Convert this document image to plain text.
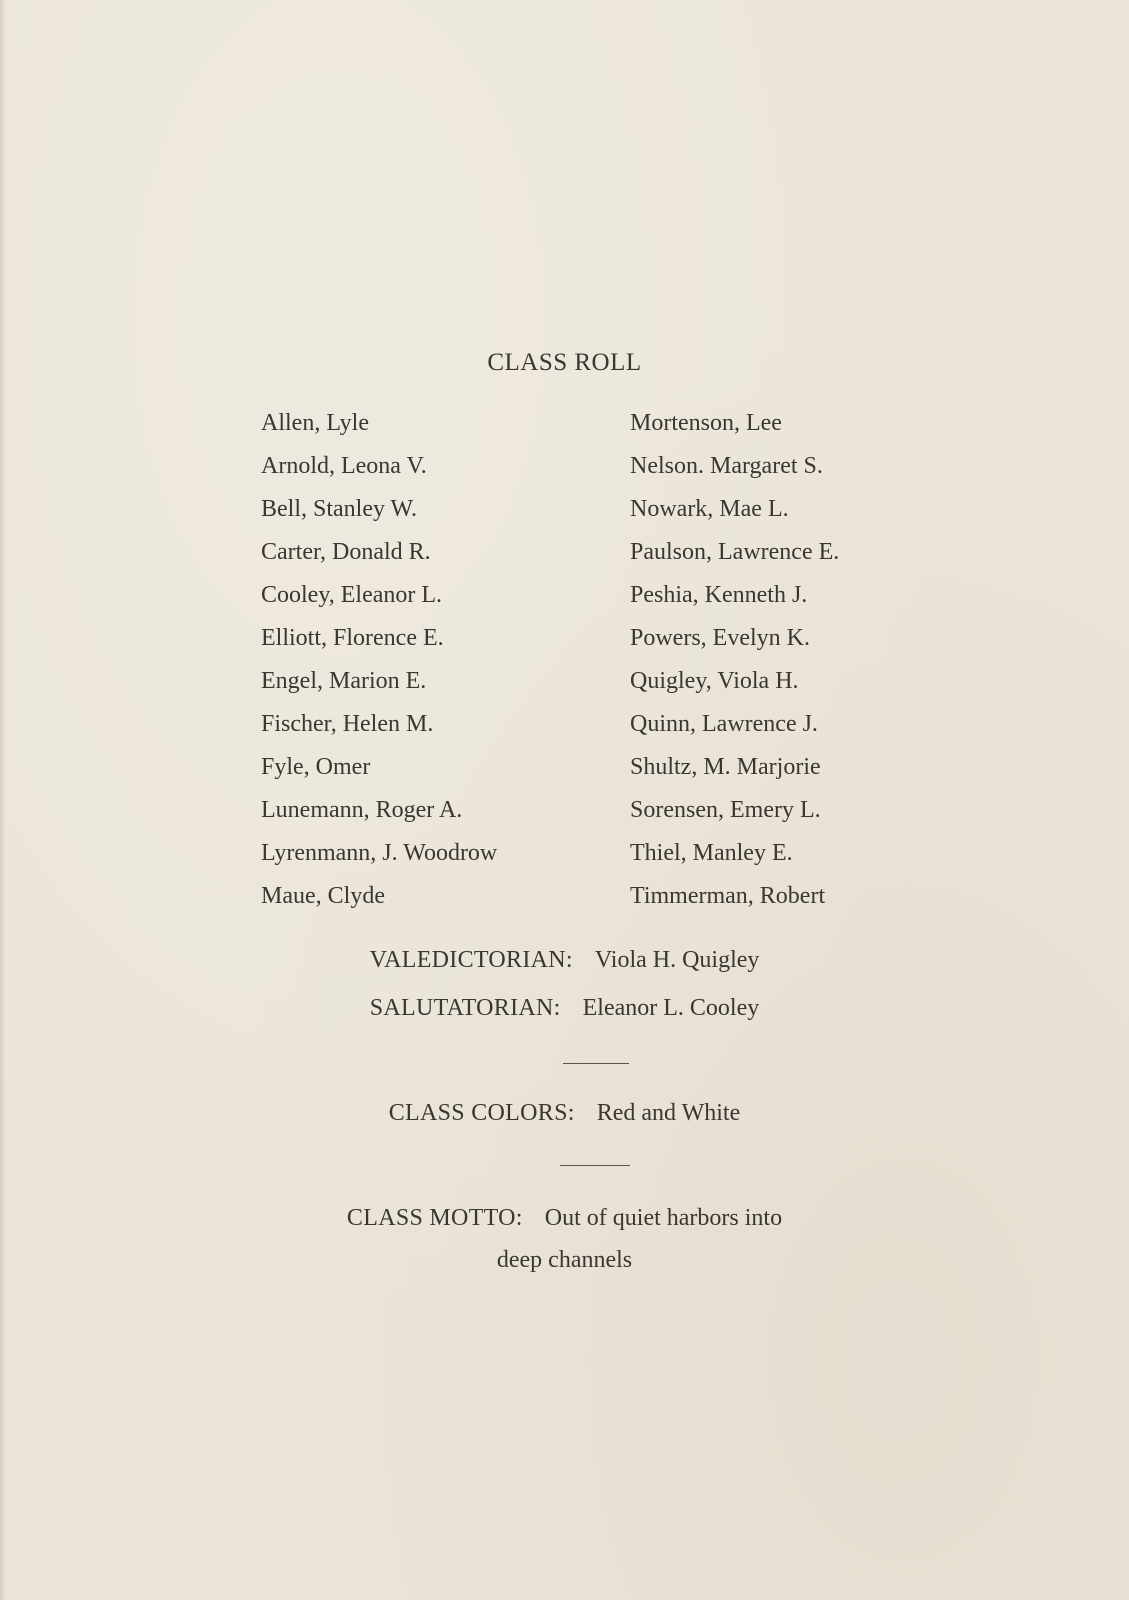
CLASS ROLL
Allen, Lyle
Arnold, Leona V.
Bell, Stanley W.
Carter, Donald R.
Cooley, Eleanor L.
Elliott, Florence E.
Engel, Marion E.
Fischer, Helen M.
Fyle, Omer
Lunemann, Roger A.
Lyrenmann, J. Woodrow
Maue, Clyde
Mortenson, Lee
Nelson. Margaret S.
Nowark, Mae L.
Paulson, Lawrence E.
Peshia, Kenneth J.
Powers, Evelyn K.
Quigley, Viola H.
Quinn, Lawrence J.
Shultz, M. Marjorie
Sorensen, Emery L.
Thiel, Manley E.
Timmerman, Robert
VALEDICTORIAN: Viola H. Quigley
SALUTATORIAN: Eleanor L. Cooley
CLASS COLORS: Red and White
CLASS MOTTO: Out of quiet harbors into
deep channels
